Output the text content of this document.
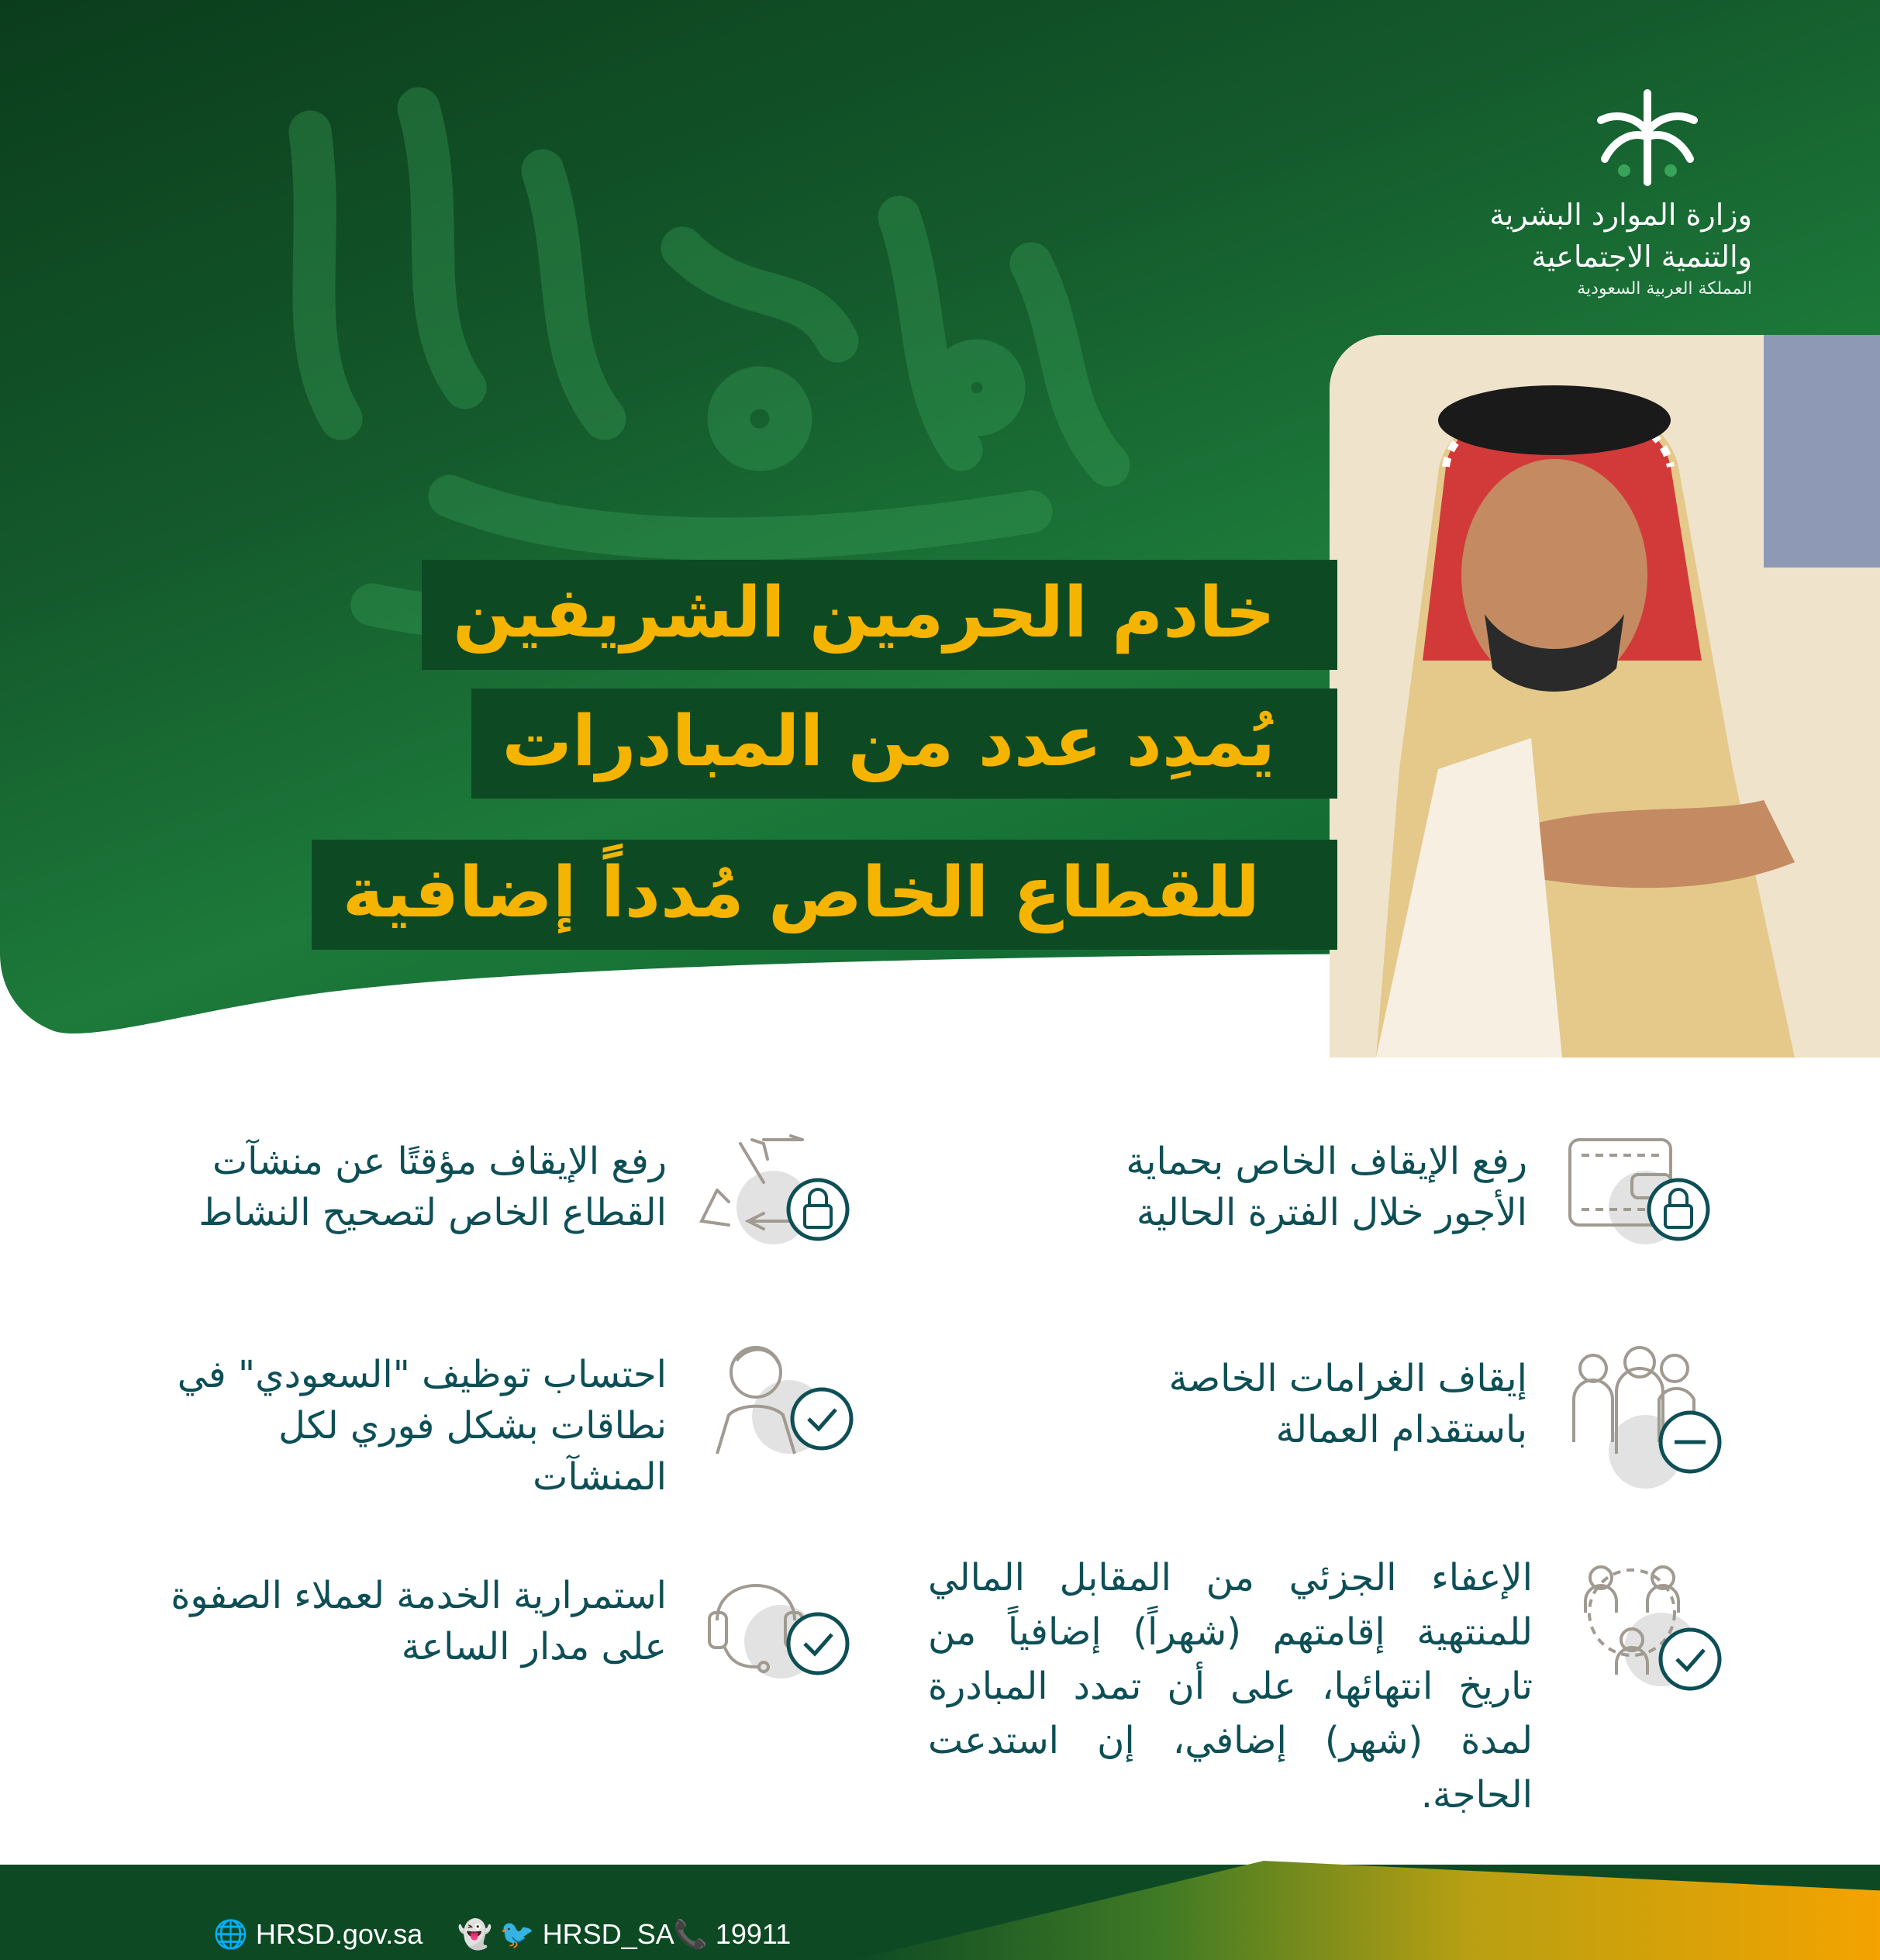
وزارة الموارد البشرية
والتنمية الاجتماعية
المملكة العربية السعودية
خادم الحرمين الشريفين
يُمدِد عدد من المبادرات
للقطاع الخاص مُدداً إضافية
رفع الإيقاف الخاص بحماية الأجور خلال الفترة الحالية
إيقاف الغرامات الخاصة باستقدام العمالة
الإعفاء الجزئي من المقابل المالي للمنتهية إقامتهم (شهراً) إضافياً من تاريخ انتهائها، على أن تمدد المبادرة لمدة (شهر) إضافي، إن استدعت الحاجة.
رفع الإيقاف مؤقتًا عن منشآت القطاع الخاص لتصحيح النشاط
احتساب توظيف "السعودي" في نطاقات بشكل فوري لكل المنشآت
استمرارية الخدمة لعملاء الصفوة على مدار الساعة
🌐 HRSD.gov.sa 👻 🐦 HRSD_SA
📞 19911
